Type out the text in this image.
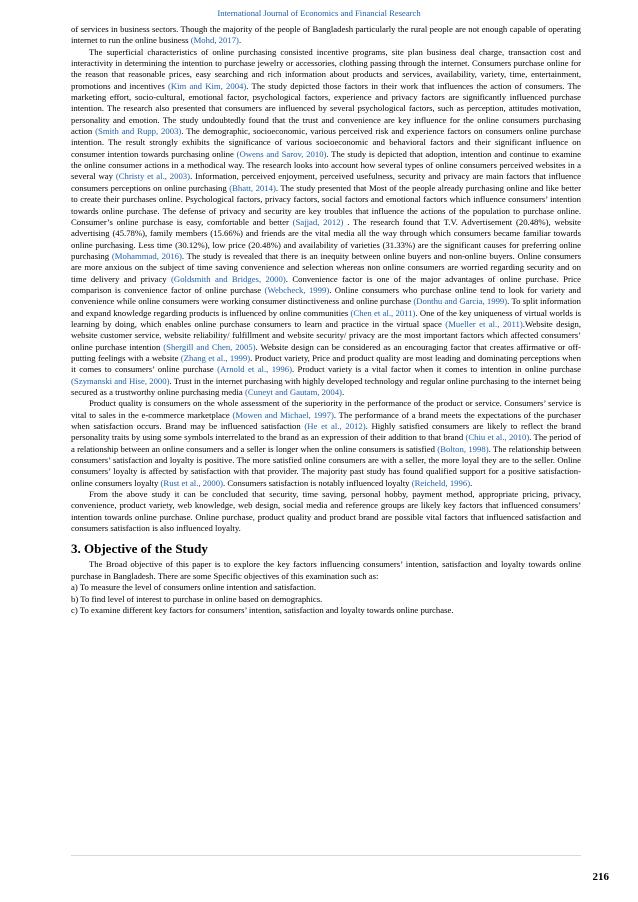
International Journal of Economics and Financial Research

of services in business sectors. Though the majority of the people of Bangladesh particularly the rural people are not enough capable of operating internet to run the online business (Mohd, 2017).

The superficial characteristics of online purchasing consisted incentive programs, site plan business deal charge, transaction cost and interactivity in determining the intention to purchase jewelry or accessories, clothing passing through the internet. Consumers purchase online for the reason that reasonable prices, easy searching and rich information about products and services, availability, variety, time, entertainment, promotions and incentives (Kim and Kim, 2004). The study depicted those factors in their work that influences the action of consumers. The marketing effort, socio-cultural, emotional factor, psychological factors, experience and privacy factors are significantly influenced purchase intention. The research also presented that consumers are influenced by several psychological factors, such as perception, attitudes motivation, personality and emotion. The study undoubtedly found that the trust and convenience are key influence for the online consumers purchasing action (Smith and Rupp, 2003). The demographic, socioeconomic, various perceived risk and experience factors on consumers online purchase intention. The result strongly exhibits the significance of various socioeconomic and behavioral factors and their significant influence on consumer intention towards purchasing online (Owens and Sarov, 2010). The study is depicted that adoption, intention and continue to examine the online consumer actions in a methodical way. The research looks into account how several types of online consumers perceived websites in a several way (Christy et al., 2003). Information, perceived enjoyment, perceived usefulness, security and privacy are main factors that influence consumers perceptions on online purchasing (Bhatt, 2014). The study presented that Most of the people already purchasing online and like better to create their purchases online. Psychological factors, privacy factors, social factors and emotional factors which influence consumers’ intention towards online purchase. The defense of privacy and security are key troubles that influence the actions of the population to purchase online. Consumer’s online purchase is easy, comfortable and better (Sajjad, 2012) . The research found that T.V. Advertisement (20.48%), website advertising (45.78%), family members (15.66%) and friends are the vital media all the way through which consumers became familiar towards online purchasing. Less time (30.12%), low price (20.48%) and availability of varieties (31.33%) are the significant causes for preferring online purchasing (Mohammad, 2016). The study is revealed that there is an inequity between online buyers and non-online buyers. Online consumers are more anxious on the subject of time saving convenience and selection whereas non online consumers are worried regarding security and on time delivery and privacy (Goldsmith and Bridges, 2000). Convenience factor is one of the major advantages of online purchase. Price comparison is convenience factor of online purchase (Webcheck, 1999). Online consumers who purchase online tend to look for variety and convenience while online consumers were working consumer distinctiveness and online purchase (Donthu and Garcia, 1999). To split information and expand knowledge regarding products is influenced by online communities (Chen et al., 2011). One of the key uniqueness of virtual worlds is learning by doing, which enables online purchase consumers to learn and practice in the virtual space (Mueller et al., 2011).Website design, website customer service, website reliability/ fulfillment and website security/ privacy are the most important factors which affected consumers’ online purchase intention (Shergill and Chen, 2005). Website design can be considered as an encouraging factor that creates affirmative or off-putting feelings with a website (Zhang et al., 1999). Product variety, Price and product quality are most leading and dominating perceptions when it comes to consumers’ online purchase (Arnold et al., 1996). Product variety is a vital factor when it comes to intention in online purchase (Szymanski and Hise, 2000). Trust in the internet purchasing with highly developed technology and regular online purchasing to the internet being secured as a trustworthy online purchasing media (Cuneyt and Gautam, 2004).

Product quality is consumers on the whole assessment of the superiority in the performance of the product or service. Consumers’ service is vital to sales in the e-commerce marketplace (Mowen and Michael, 1997). The performance of a brand meets the expectations of the purchaser when satisfaction occurs. Brand may be influenced satisfaction (He et al., 2012). Highly satisfied consumers are likely to reflect the brand personality traits by using some symbols interrelated to the brand as an expression of their addition to that brand (Chiu et al., 2010). The period of a relationship between an online consumers and a seller is longer when the online consumers is satisfied (Bolton, 1998). The relationship between consumers’ satisfaction and loyalty is positive. The more satisfied online consumers are with a seller, the more loyal they are to the seller. Online consumers’ loyalty is affected by satisfaction with that provider. The majority past study has found qualified support for a positive satisfaction- online consumers loyalty (Rust et al., 2000). Consumers satisfaction is notably influenced loyalty (Reicheld, 1996).

From the above study it can be concluded that security, time saving, personal hobby, payment method, appropriate pricing, privacy, convenience, product variety, web knowledge, web design, social media and reference groups are likely key factors that influenced consumers’ intention towards online purchase. Online purchase, product quality and product brand are possible vital factors that influenced satisfaction and consumers satisfaction is also influenced loyalty.

3. Objective of the Study

The Broad objective of this paper is to explore the key factors influencing consumers’ intention, satisfaction and loyalty towards online purchase in Bangladesh. There are some Specific objectives of this examination such as:

a) To measure the level of consumers online intention and satisfaction.

b) To find level of interest to purchase in online based on demographics.

c) To examine different key factors for consumers’ intention, satisfaction and loyalty towards online purchase.

216
